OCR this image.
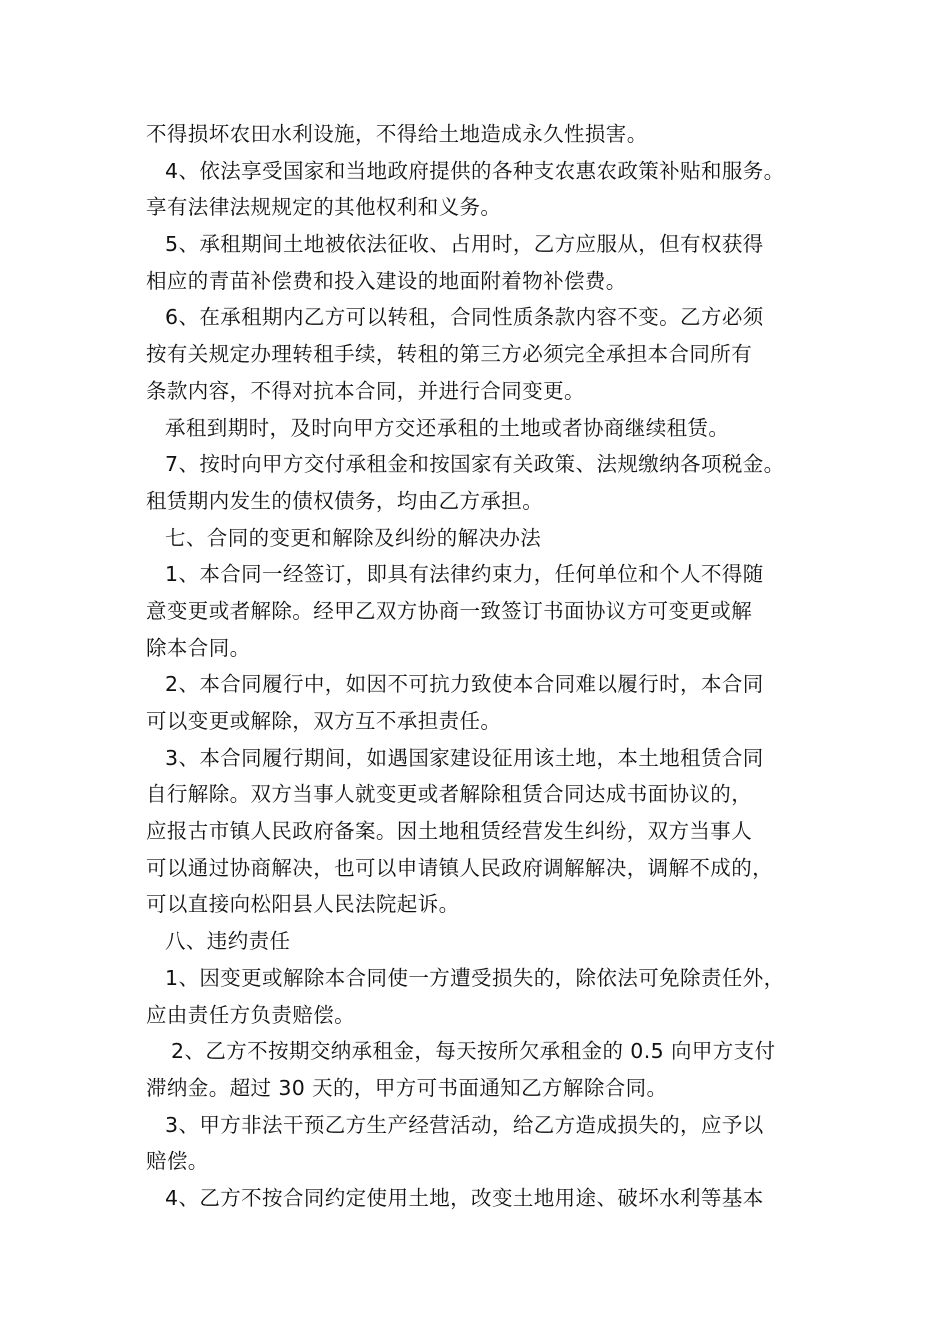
不得损坏农田水利设施，不得给土地造成永久性损害。
4、依法享受国家和当地政府提供的各种支农惠农政策补贴和服务。
享有法律法规规定的其他权利和义务。
5、承租期间土地被依法征收、占用时，乙方应服从，但有权获得
相应的青苗补偿费和投入建设的地面附着物补偿费。
6、在承租期内乙方可以转租，合同性质条款内容不变。乙方必须
按有关规定办理转租手续，转租的第三方必须完全承担本合同所有
条款内容，不得对抗本合同，并进行合同变更。
承租到期时，及时向甲方交还承租的土地或者协商继续租赁。
7、按时向甲方交付承租金和按国家有关政策、法规缴纳各项税金。
租赁期内发生的债权债务，均由乙方承担。
七、合同的变更和解除及纠纷的解决办法
1、本合同一经签订，即具有法律约束力，任何单位和个人不得随
意变更或者解除。经甲乙双方协商一致签订书面协议方可变更或解
除本合同。
2、本合同履行中，如因不可抗力致使本合同难以履行时，本合同
可以变更或解除，双方互不承担责任。
3、本合同履行期间，如遇国家建设征用该土地，本土地租赁合同
自行解除。双方当事人就变更或者解除租赁合同达成书面协议的，
应报古市镇人民政府备案。因土地租赁经营发生纠纷，双方当事人
可以通过协商解决，也可以申请镇人民政府调解解决，调解不成的，
可以直接向松阳县人民法院起诉。
八、违约责任
1、因变更或解除本合同使一方遭受损失的，除依法可免除责任外，
应由责任方负责赔偿。
2、乙方不按期交纳承租金，每天按所欠承租金的 0.5 向甲方支付
滞纳金。超过 30 天的，甲方可书面通知乙方解除合同。
3、甲方非法干预乙方生产经营活动，给乙方造成损失的，应予以
赔偿。
4、乙方不按合同约定使用土地，改变土地用途、破坏水利等基本
